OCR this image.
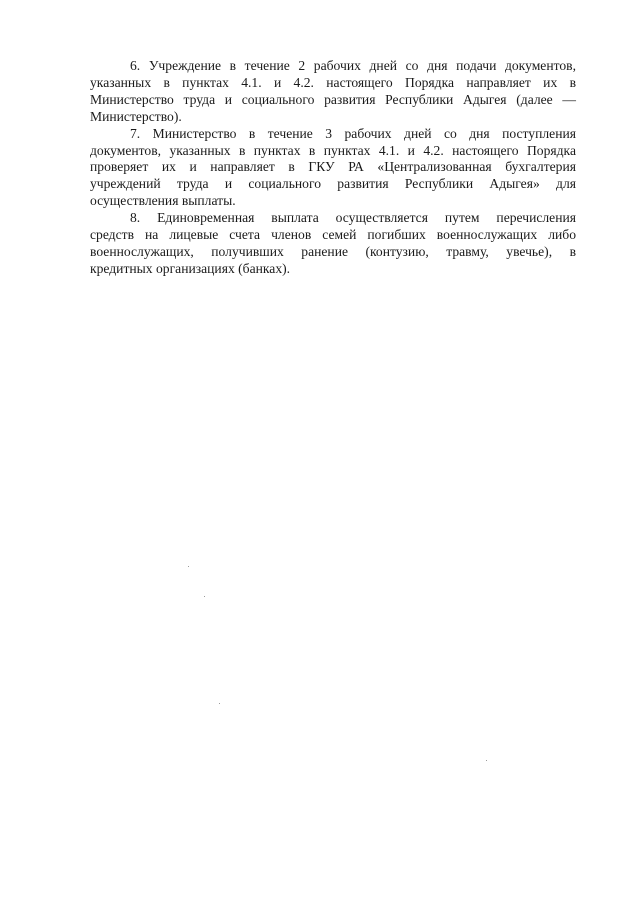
6. Учреждение в течение 2 рабочих дней со дня подачи документов,
указанных в пунктах 4.1. и 4.2. настоящего Порядка направляет их в
Министерство труда и социального развития Республики Адыгея (далее —
Министерство).

7. Министерство в течение 3 рабочих дней со дня поступления
документов, указанных в пунктах в пунктах 4.1. и 4.2. настоящего Порядка
проверяет их и направляет в ГКУ РА «Централизованная бухгалтерия
учреждений труда и социального развития Республики Адыгея» для
осуществления выплаты.

8. Единовременная выплата осуществляется путем перечисления
средств на лицевые счета членов семей погибших военнослужащих либо
военнослужащих, получивших ранение (контузию, травму, увечье), в
кредитных организациях (банках).
